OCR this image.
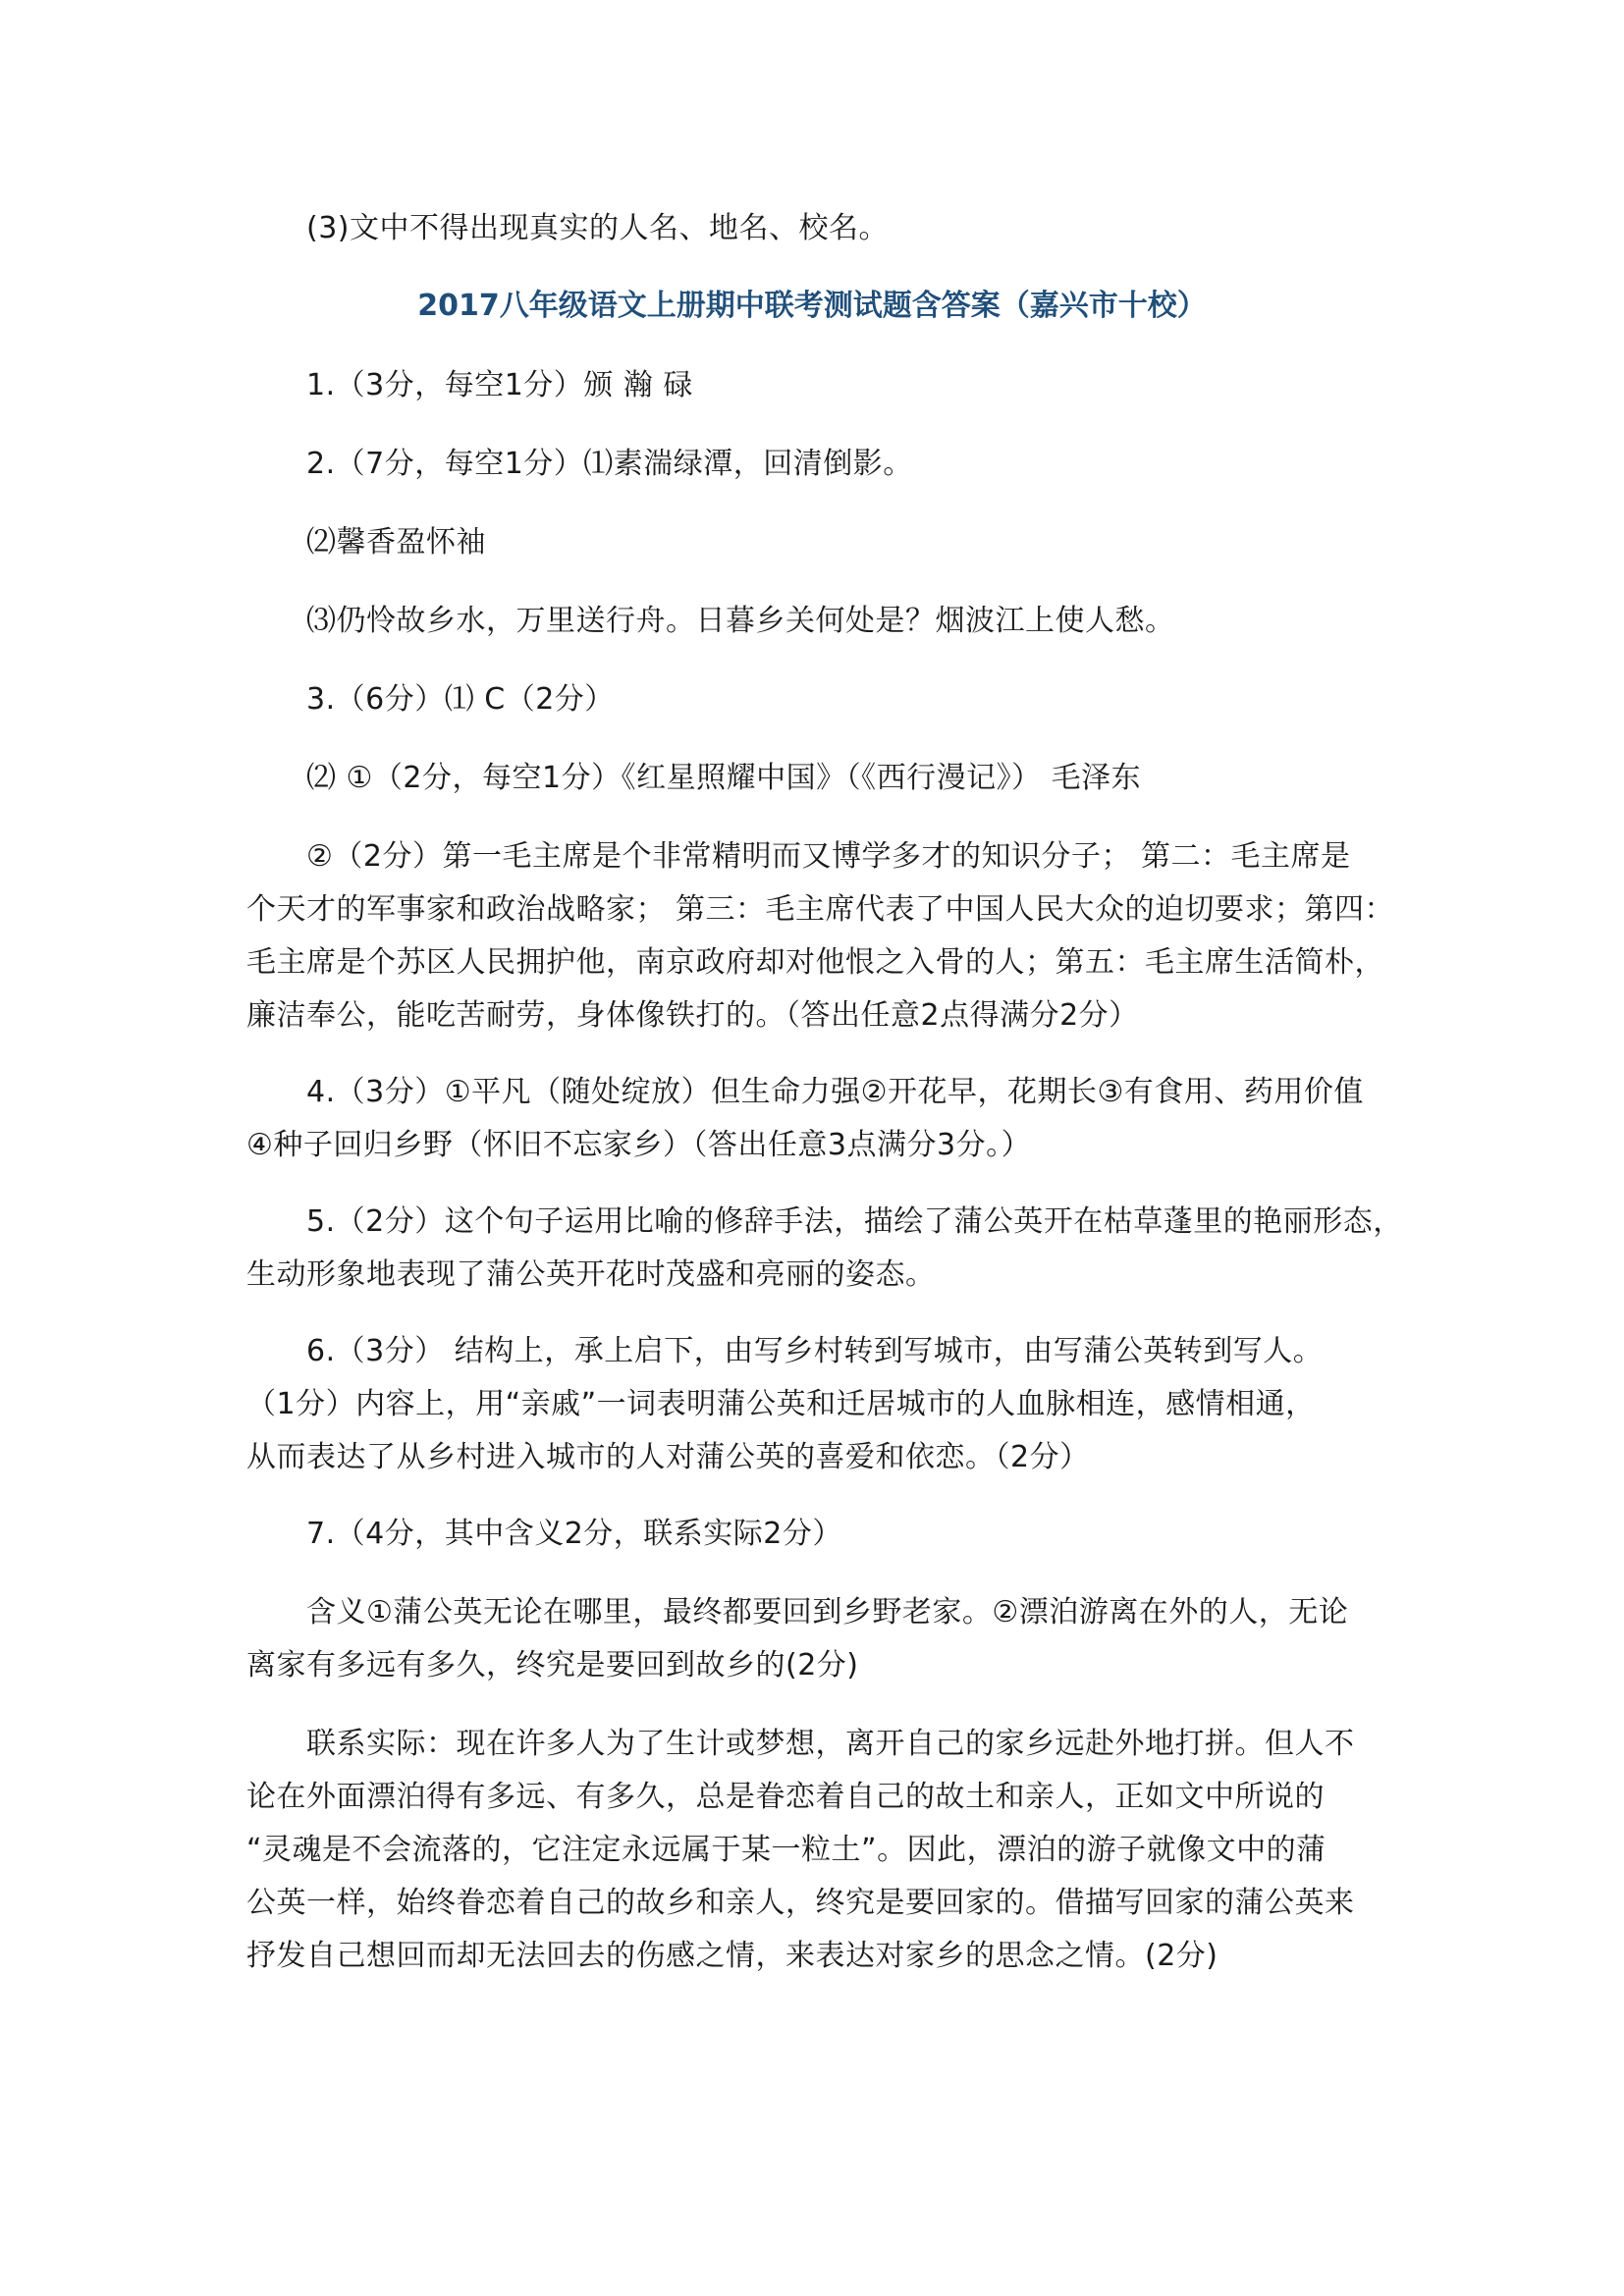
(3)文中不得出现真实的人名、地名、校名。
2017八年级语文上册期中联考测试题含答案（嘉兴市十校）
1.（3分，每空1分）颁 瀚 碌
2.（7分，每空1分）⑴素湍绿潭，回清倒影。
⑵馨香盈怀袖
⑶仍怜故乡水，万里送行舟。日暮乡关何处是？烟波江上使人愁。
3.（6分）⑴ C（2分）
⑵ ①（2分，每空1分）《红星照耀中国》（《西行漫记》） 毛泽东
②（2分）第一毛主席是个非常精明而又博学多才的知识分子； 第二：毛主席是
个天才的军事家和政治战略家； 第三：毛主席代表了中国人民大众的迫切要求；第四：
毛主席是个苏区人民拥护他，南京政府却对他恨之入骨的人；第五：毛主席生活简朴，
廉洁奉公，能吃苦耐劳，身体像铁打的。（答出任意2点得满分2分）
4.（3分）①平凡（随处绽放）但生命力强②开花早，花期长③有食用、药用价值
④种子回归乡野（怀旧不忘家乡）（答出任意3点满分3分。）
5.（2分）这个句子运用比喻的修辞手法，描绘了蒲公英开在枯草蓬里的艳丽形态，
生动形象地表现了蒲公英开花时茂盛和亮丽的姿态。
6.（3分） 结构上，承上启下，由写乡村转到写城市，由写蒲公英转到写人。
（1分）内容上，用“亲戚”一词表明蒲公英和迁居城市的人血脉相连，感情相通，
从而表达了从乡村进入城市的人对蒲公英的喜爱和依恋。（2分）
7.（4分，其中含义2分，联系实际2分）
含义①蒲公英无论在哪里，最终都要回到乡野老家。②漂泊游离在外的人，无论
离家有多远有多久，终究是要回到故乡的(2分)
联系实际：现在许多人为了生计或梦想，离开自己的家乡远赴外地打拼。但人不
论在外面漂泊得有多远、有多久，总是眷恋着自己的故土和亲人，正如文中所说的
“灵魂是不会流落的，它注定永远属于某一粒土”。因此，漂泊的游子就像文中的蒲
公英一样，始终眷恋着自己的故乡和亲人，终究是要回家的。借描写回家的蒲公英来
抒发自己想回而却无法回去的伤感之情，来表达对家乡的思念之情。(2分)
